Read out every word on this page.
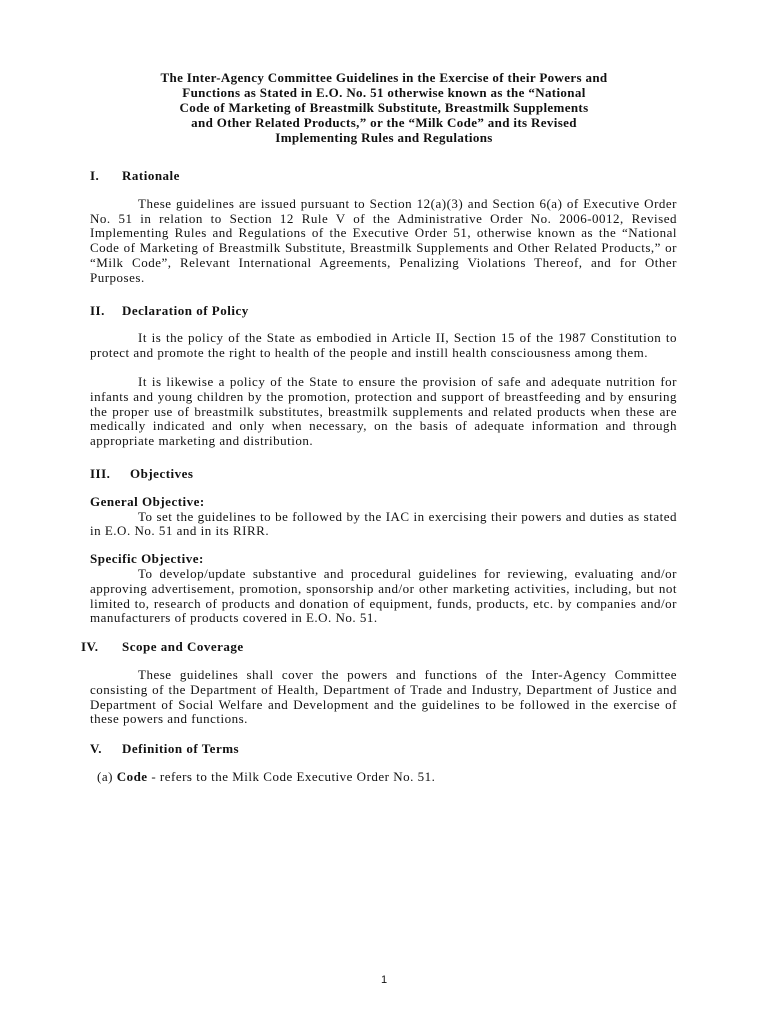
The Inter-Agency Committee Guidelines in the Exercise of their Powers and
Functions as Stated in E.O. No. 51 otherwise known as the “National
Code of Marketing of Breastmilk Substitute, Breastmilk Supplements
and Other Related Products,” or the “Milk Code” and its Revised
Implementing Rules and Regulations

I. Rationale

These guidelines are issued pursuant to Section 12(a)(3) and Section 6(a) of Executive Order No. 51 in relation to Section 12 Rule V of the Administrative Order No. 2006-0012, Revised Implementing Rules and Regulations of the Executive Order 51, otherwise known as the “National Code of Marketing of Breastmilk Substitute, Breastmilk Supplements and Other Related Products,” or “Milk Code”, Relevant International Agreements, Penalizing Violations Thereof, and for Other Purposes.

II. Declaration of Policy

It is the policy of the State as embodied in Article II, Section 15 of the 1987 Constitution to protect and promote the right to health of the people and instill health consciousness among them.

It is likewise a policy of the State to ensure the provision of safe and adequate nutrition for infants and young children by the promotion, protection and support of breastfeeding and by ensuring the proper use of breastmilk substitutes, breastmilk supplements and related products when these are medically indicated and only when necessary, on the basis of adequate information and through appropriate marketing and distribution.

III. Objectives

General Objective:

To set the guidelines to be followed by the IAC in exercising their powers and duties as stated in E.O. No. 51 and in its RIRR.

Specific Objective:

To develop/update substantive and procedural guidelines for reviewing, evaluating and/or approving advertisement, promotion, sponsorship and/or other marketing activities, including, but not limited to, research of products and donation of equipment, funds, products, etc. by companies and/or manufacturers of products covered in E.O. No. 51.

IV. Scope and Coverage

These guidelines shall cover the powers and functions of the Inter-Agency Committee consisting of the Department of Health, Department of Trade and Industry, Department of Justice and Department of Social Welfare and Development and the guidelines to be followed in the exercise of these powers and functions.

V. Definition of Terms

(a) Code - refers to the Milk Code Executive Order No. 51.

1
